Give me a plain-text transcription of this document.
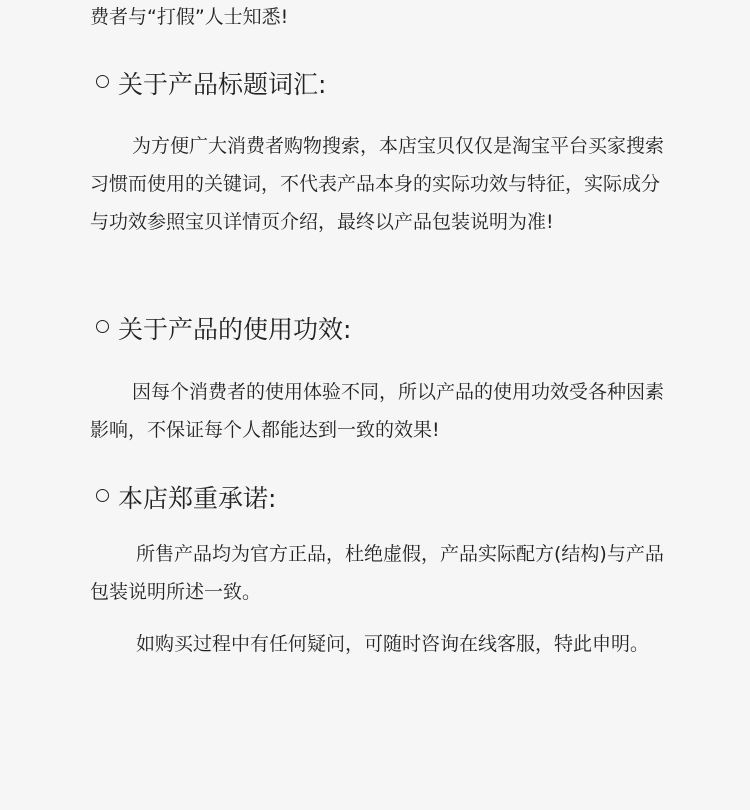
费者与“打假”人士知悉!
关于产品标题词汇:

为方便广大消费者购物搜索，本店宝贝仅仅是淘宝平台买家搜索习惯而使用的关键词，不代表产品本身的实际功效与特征，实际成分与功效参照宝贝详情页介绍，最终以产品包装说明为准!

关于产品的使用功效:

因每个消费者的使用体验不同，所以产品的使用功效受各种因素影响，不保证每个人都能达到一致的效果!

本店郑重承诺:

所售产品均为官方正品，杜绝虚假，产品实际配方(结构)与产品包装说明所述一致。

如购买过程中有任何疑问，可随时咨询在线客服，特此申明。
